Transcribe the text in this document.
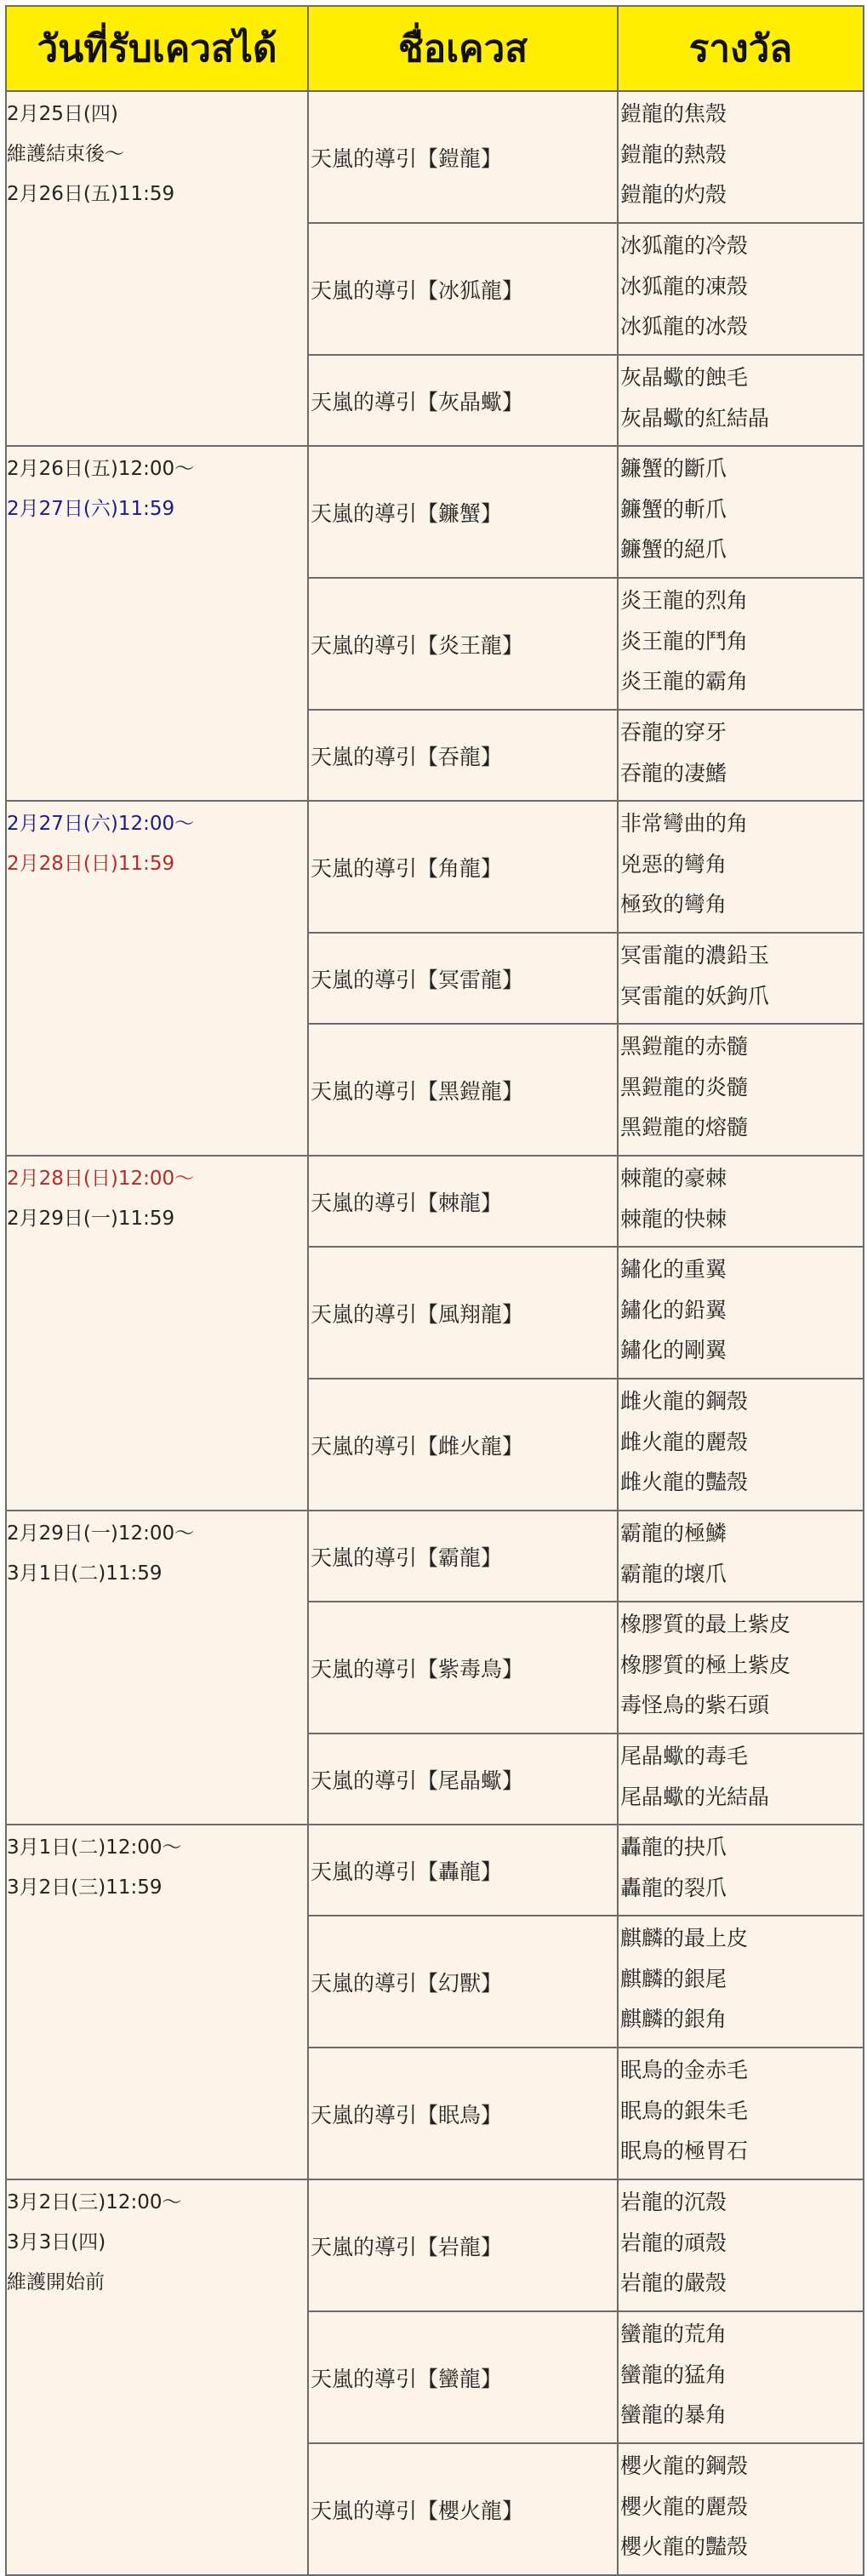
วันที่รับเควสได้	ชื่อเควส	รางวัล

2月25日(四)
維護結束後～
2月26日(五)11:59	天嵐的導引【鎧龍】	鎧龍的焦殼
鎧龍的熱殼
鎧龍的灼殼

	天嵐的導引【冰狐龍】	冰狐龍的冷殼
冰狐龍的凍殼
冰狐龍的冰殼

	天嵐的導引【灰晶蠍】	灰晶蠍的蝕毛
灰晶蠍的紅結晶

2月26日(五)12:00～
2月27日(六)11:59	天嵐的導引【鐮蟹】	鐮蟹的斷爪
鐮蟹的斬爪
鐮蟹的絕爪

	天嵐的導引【炎王龍】	炎王龍的烈角
炎王龍的鬥角
炎王龍的霸角

	天嵐的導引【吞龍】	吞龍的穿牙
吞龍的凄鰭

2月27日(六)12:00～
2月28日(日)11:59	天嵐的導引【角龍】	非常彎曲的角
兇惡的彎角
極致的彎角

	天嵐的導引【冥雷龍】	冥雷龍的濃鉛玉
冥雷龍的妖鉤爪

	天嵐的導引【黑鎧龍】	黑鎧龍的赤髓
黑鎧龍的炎髓
黑鎧龍的熔髓

2月28日(日)12:00～
2月29日(一)11:59	天嵐的導引【棘龍】	棘龍的豪棘
棘龍的快棘

	天嵐的導引【風翔龍】	鏽化的重翼
鏽化的鉛翼
鏽化的剛翼

	天嵐的導引【雌火龍】	雌火龍的鋼殼
雌火龍的麗殼
雌火龍的豔殼

2月29日(一)12:00～
3月1日(二)11:59	天嵐的導引【霸龍】	霸龍的極鱗
霸龍的壞爪

	天嵐的導引【紫毒鳥】	橡膠質的最上紫皮
橡膠質的極上紫皮
毒怪鳥的紫石頭

	天嵐的導引【尾晶蠍】	尾晶蠍的毒毛
尾晶蠍的光結晶

3月1日(二)12:00～
3月2日(三)11:59	天嵐的導引【轟龍】	轟龍的抉爪
轟龍的裂爪

	天嵐的導引【幻獸】	麒麟的最上皮
麒麟的銀尾
麒麟的銀角

	天嵐的導引【眠鳥】	眠鳥的金赤毛
眠鳥的銀朱毛
眠鳥的極胃石

3月2日(三)12:00～
3月3日(四)
維護開始前	天嵐的導引【岩龍】	岩龍的沉殼
岩龍的頑殼
岩龍的嚴殼

	天嵐的導引【蠻龍】	蠻龍的荒角
蠻龍的猛角
蠻龍的暴角

	天嵐的導引【櫻火龍】	櫻火龍的鋼殼
櫻火龍的麗殼
櫻火龍的豔殼
